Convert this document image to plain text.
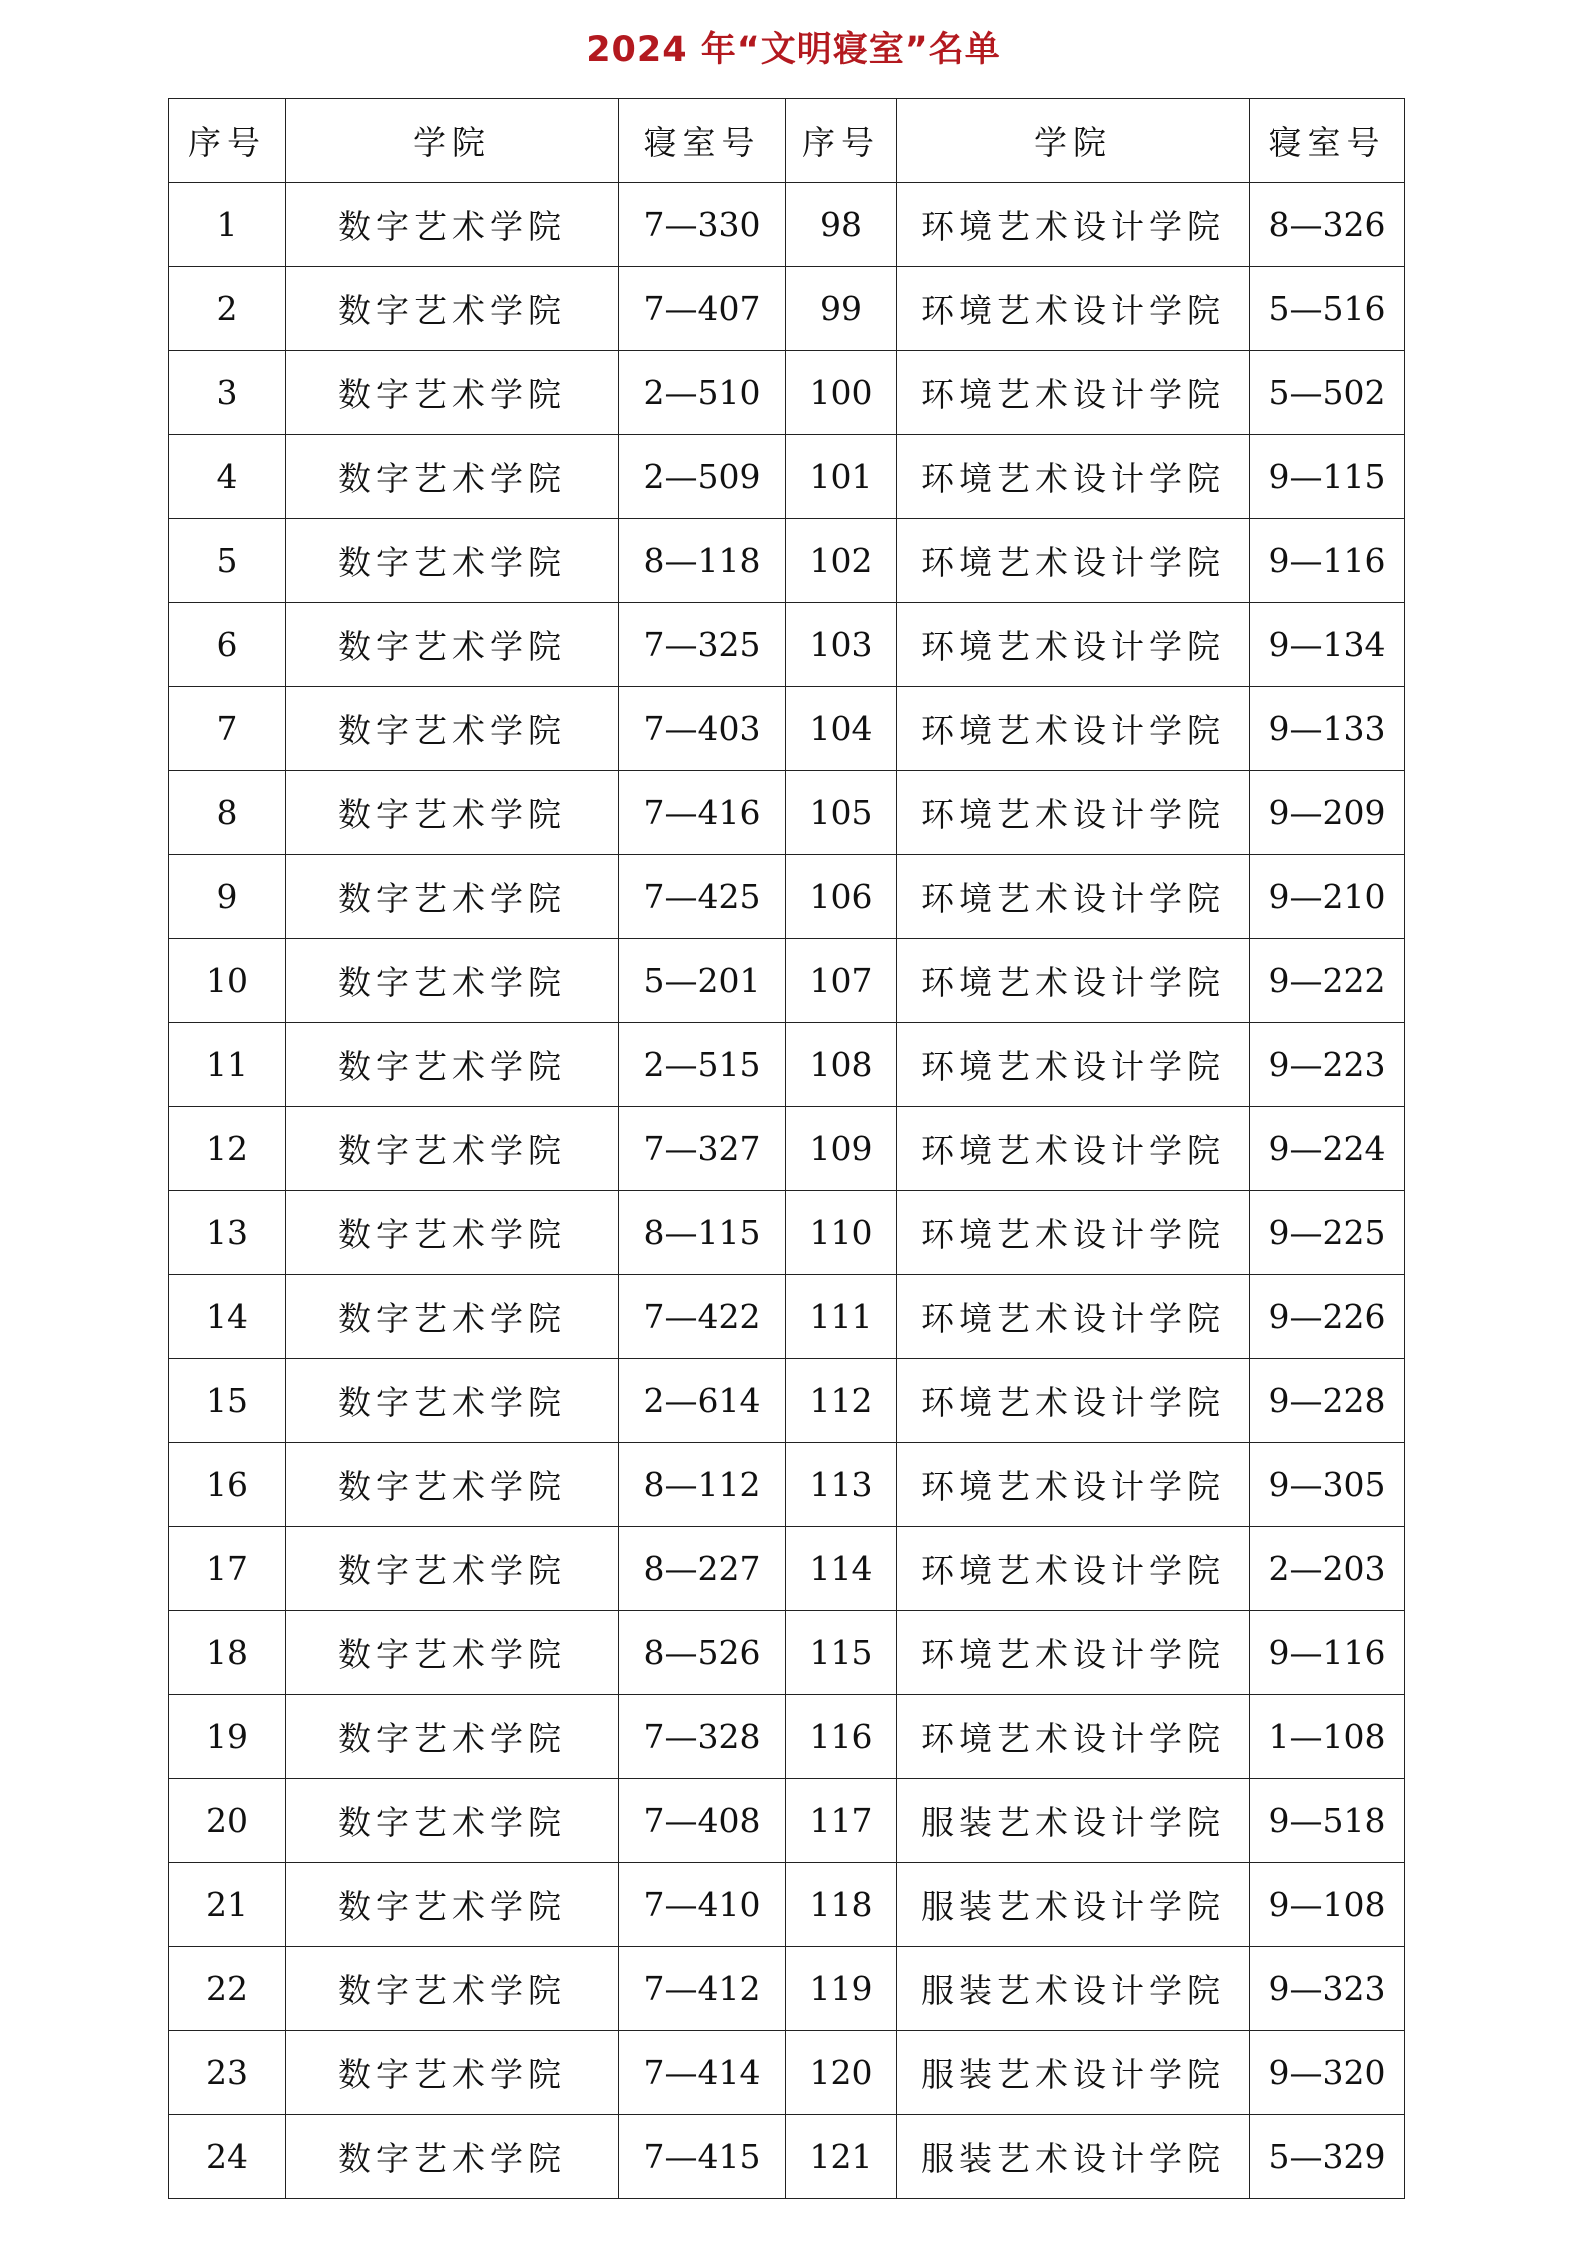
2024 年“文明寝室”名单
序号	学院	寝室号	序号	学院	寝室号
1	数字艺术学院	7—330	98	环境艺术设计学院	8—326
2	数字艺术学院	7—407	99	环境艺术设计学院	5—516
3	数字艺术学院	2—510	100	环境艺术设计学院	5—502
4	数字艺术学院	2—509	101	环境艺术设计学院	9—115
5	数字艺术学院	8—118	102	环境艺术设计学院	9—116
6	数字艺术学院	7—325	103	环境艺术设计学院	9—134
7	数字艺术学院	7—403	104	环境艺术设计学院	9—133
8	数字艺术学院	7—416	105	环境艺术设计学院	9—209
9	数字艺术学院	7—425	106	环境艺术设计学院	9—210
10	数字艺术学院	5—201	107	环境艺术设计学院	9—222
11	数字艺术学院	2—515	108	环境艺术设计学院	9—223
12	数字艺术学院	7—327	109	环境艺术设计学院	9—224
13	数字艺术学院	8—115	110	环境艺术设计学院	9—225
14	数字艺术学院	7—422	111	环境艺术设计学院	9—226
15	数字艺术学院	2—614	112	环境艺术设计学院	9—228
16	数字艺术学院	8—112	113	环境艺术设计学院	9—305
17	数字艺术学院	8—227	114	环境艺术设计学院	2—203
18	数字艺术学院	8—526	115	环境艺术设计学院	9—116
19	数字艺术学院	7—328	116	环境艺术设计学院	1—108
20	数字艺术学院	7—408	117	服装艺术设计学院	9—518
21	数字艺术学院	7—410	118	服装艺术设计学院	9—108
22	数字艺术学院	7—412	119	服装艺术设计学院	9—323
23	数字艺术学院	7—414	120	服装艺术设计学院	9—320
24	数字艺术学院	7—415	121	服装艺术设计学院	5—329
